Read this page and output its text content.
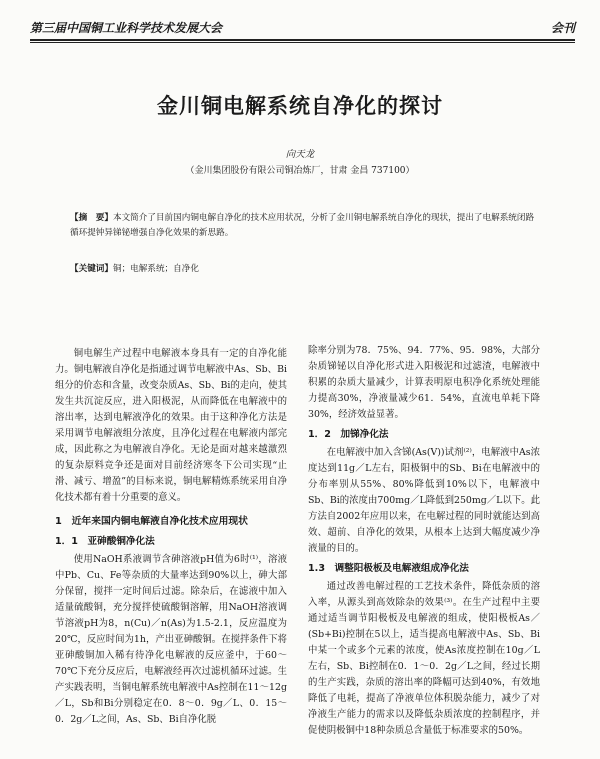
第三届中国铜工业科学技术发展大会	会刊
金川铜电解系统自净化的探讨
向天龙
（金川集团股份有限公司铜冶炼厂，甘肃 金昌 737100）
【摘　要】本文简介了目前国内铜电解自净化的技术应用状况，分析了金川铜电解系统自净化的现状，提出了电解系统闭路循环提钟异锑铋增强自净化效果的新思路。
【关键词】铜；电解系统；自净化

铜电解生产过程中电解液本身具有一定的自净化能力。铜电解液自净化是指通过调节电解液中As、Sb、Bi组分的价态和含量，改变杂质As、Sb、Bi的走向，使其发生共沉淀反应，进入阳极泥，从而降低在电解液中的溶出率，达到电解液净化的效果。由于这种净化方法是采用调节电解液组分浓度，且净化过程在电解液内部完成，因此称之为电解液自净化。无论是面对越来越激烈的复杂原料竞争还是面对目前经济寒冬下公司实现“止滑、减亏、增盈”的目标来说，铜电解精炼系统采用自净化技术都有着十分重要的意义。

1　近年来国内铜电解液自净化技术应用现状
1．1　亚砷酸铜净化法

使用NaOH系液调节含砷溶液pH值为6时⁽¹⁾，溶液中Pb、Cu、Fe等杂质的大量率达到90%以上，砷大部分保留，搅拌一定时间后过滤。除杂后，在滤液中加入适量硫酸铜，充分搅拌使硫酸铜溶解，用NaOH溶液调节溶液pH为8，n(Cu)／n(As)为1.5-2.1，反应温度为20℃，反应时间为1h，产出亚砷酸铜。在搅拌条件下将亚砷酸铜加入稀有待净化电解液的反应釜中，于60～70℃下充分反应后，电解液经再次过滤机循环过滤。生产实践表明，当铜电解系统电解液中As控制在11～12g／L，Sb和Bi分别稳定在0．8～0．9g／L、0．15～0．2g／L之间，As、Sb、Bi自净化脱

除率分别为78．75%、94．77%、95．98%，大部分杂质锑铋以自净化形式进入阳极泥和过滤渣，电解液中积累的杂质大量减少，计算表明原电积净化系统处理能力提高30%，净液量减少61．54%，直流电单耗下降30%，经济效益显著。

1．2　加锑净化法

在电解液中加入含锑(As(V))试剂⁽²⁾，电解液中As浓度达到11g／L左右，阳极铜中的Sb、Bi在电解液中的分布率别从55%、80%降低到10%以下，电解液中Sb、Bi的浓度由700mg／L降低到250mg／L以下。此方法自2002年应用以来，在电解过程的同时就能达到高效、超前、自净化的效果，从根本上达到大幅度减少净液量的目的。

1.3　调整阳极板及电解液组成净化法

通过改善电解过程的工艺技术条件，降低杂质的溶入率，从源头到高效除杂的效果⁽³⁾。在生产过程中主要通过适当调节阳极板及电解液的组成，使阳极板As／(Sb+Bi)控制在5以上，适当提高电解液中As、Sb、Bi中某一个或多个元素的浓度，使As浓度控制在10g／L左右，Sb、Bi控制在0．1～0．2g／L之间，经过长期的生产实践，杂质的溶出率的降幅可达到40%，有效地降低了电耗，提高了净液单位体积脱杂能力，减少了对净液生产能力的需求以及降低杂质浓度的控制程序，并促使阴极铜中18种杂质总含量低于标准要求的50%。
